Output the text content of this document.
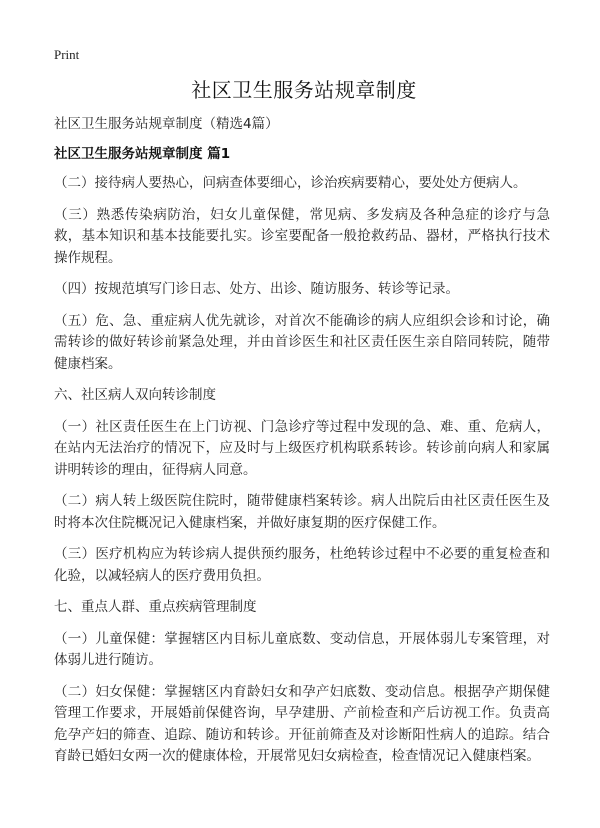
Print
社区卫生服务站规章制度

社区卫生服务站规章制度（精选4篇）

社区卫生服务站规章制度 篇1

（二）接待病人要热心，问病查体要细心，诊治疾病要精心，要处处方便病人。

（三）熟悉传染病防治，妇女儿童保健，常见病、多发病及各种急症的诊疗与急救，基本知识和基本技能要扎实。诊室要配备一般抢救药品、器材，严格执行技术操作规程。

（四）按规范填写门诊日志、处方、出诊、随访服务、转诊等记录。

（五）危、急、重症病人优先就诊，对首次不能确诊的病人应组织会诊和讨论，确需转诊的做好转诊前紧急处理，并由首诊医生和社区责任医生亲自陪同转院，随带健康档案。

六、社区病人双向转诊制度

（一）社区责任医生在上门访视、门急诊疗等过程中发现的急、难、重、危病人，在站内无法治疗的情况下，应及时与上级医疗机构联系转诊。转诊前向病人和家属讲明转诊的理由，征得病人同意。

（二）病人转上级医院住院时，随带健康档案转诊。病人出院后由社区责任医生及时将本次住院概况记入健康档案，并做好康复期的医疗保健工作。

（三）医疗机构应为转诊病人提供预约服务，杜绝转诊过程中不必要的重复检查和化验，以减轻病人的医疗费用负担。

七、重点人群、重点疾病管理制度

（一）儿童保健：掌握辖区内目标儿童底数、变动信息，开展体弱儿专案管理，对体弱儿进行随访。

（二）妇女保健：掌握辖区内育龄妇女和孕产妇底数、变动信息。根据孕产期保健管理工作要求，开展婚前保健咨询，早孕建册、产前检查和产后访视工作。负责高危孕产妇的筛查、追踪、随访和转诊。开征前筛查及对诊断阳性病人的追踪。结合育龄已婚妇女两一次的健康体检，开展常见妇女病检查，检查情况记入健康档案。
